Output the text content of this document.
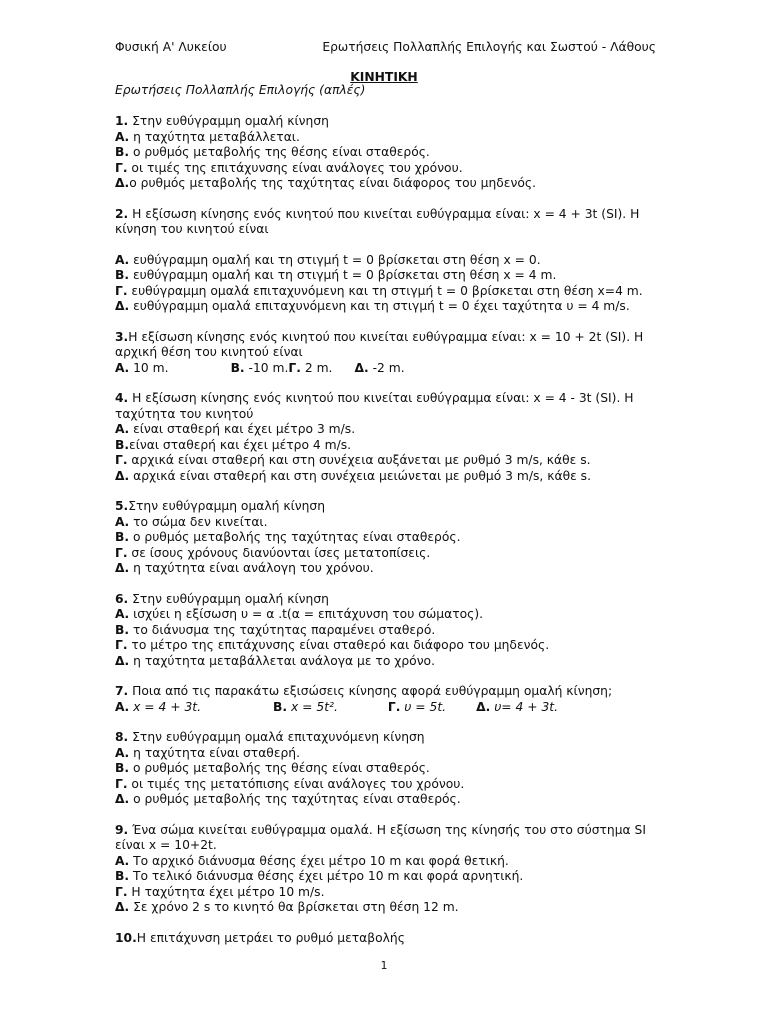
Φυσική Α' Λυκείου	Ερωτήσεις Πολλαπλής Επιλογής και Σωστού - Λάθους
ΚΙΝΗΤΙΚΗ
Ερωτήσεις Πολλαπλής Επιλογής (απλές)

1. Στην ευθύγραμμη ομαλή κίνηση

Α. η ταχύτητα μεταβάλλεται.

Β. ο ρυθμός μεταβολής της θέσης είναι σταθερός.

Γ. οι τιμές της επιτάχυνσης είναι ανάλογες του χρόνου.

Δ.ο ρυθμός μεταβολής της ταχύτητας είναι διάφορος του μηδενός.

2. Η εξίσωση κίνησης ενός κινητού που κινείται ευθύγραμμα είναι: x = 4 + 3t (SI). Η κίνηση του κινητού είναι

Α. ευθύγραμμη ομαλή και τη στιγμή t = 0 βρίσκεται στη θέση x = 0.

Β. ευθύγραμμη ομαλή και τη στιγμή t = 0 βρίσκεται στη θέση x = 4 m.

Γ. ευθύγραμμη ομαλά επιταχυνόμενη και τη στιγμή t = 0 βρίσκεται στη θέση x=4 m.

Δ. ευθύγραμμη ομαλά επιταχυνόμενη και τη στιγμή t = 0 έχει ταχύτητα υ = 4 m/s.

3.Η εξίσωση κίνησης ενός κινητού που κινείται ευθύγραμμα είναι: x = 10 + 2t (SI). Η αρχική θέση του κινητού είναι

Α. 10 m.	Β. -10 m.Γ. 2 m. Δ. -2 m.

4. Η εξίσωση κίνησης ενός κινητού που κινείται ευθύγραμμα είναι: x = 4 - 3t (SI). Η ταχύτητα του κινητού

Α. είναι σταθερή και έχει μέτρο 3 m/s.

Β.είναι σταθερή και έχει μέτρο 4 m/s.

Γ. αρχικά είναι σταθερή και στη συνέχεια αυξάνεται με ρυθμό 3 m/s, κάθε s.

Δ. αρχικά είναι σταθερή και στη συνέχεια μειώνεται με ρυθμό 3 m/s, κάθε s.

5.Στην ευθύγραμμη ομαλή κίνηση

Α. το σώμα δεν κινείται.

Β. ο ρυθμός μεταβολής της ταχύτητας είναι σταθερός.

Γ. σε ίσους χρόνους διανύονται ίσες μετατοπίσεις.

Δ. η ταχύτητα είναι ανάλογη του χρόνου.

6. Στην ευθύγραμμη ομαλή κίνηση

Α. ισχύει η εξίσωση υ = α .t(α = επιτάχυνση του σώματος).

Β. το διάνυσμα της ταχύτητας παραμένει σταθερό.

Γ. το μέτρο της επιτάχυνσης είναι σταθερό και διάφορο του μηδενός.

Δ. η ταχύτητα μεταβάλλεται ανάλογα με το χρόνο.

7. Ποια από τις παρακάτω εξισώσεις κίνησης αφορά ευθύγραμμη ομαλή κίνηση;

Α. x = 4 + 3t.	Β. x = 5t².	Γ. υ = 5t. Δ. υ= 4 + 3t.

8. Στην ευθύγραμμη ομαλά επιταχυνόμενη κίνηση

Α. η ταχύτητα είναι σταθερή.

Β. ο ρυθμός μεταβολής της θέσης είναι σταθερός.

Γ. οι τιμές της μετατόπισης είναι ανάλογες του χρόνου.

Δ. ο ρυθμός μεταβολής της ταχύτητας είναι σταθερός.

9. Ένα σώμα κινείται ευθύγραμμα ομαλά. Η εξίσωση της κίνησής του στο σύστημα SI είναι x = 10+2t.

Α. Το αρχικό διάνυσμα θέσης έχει μέτρο 10 m και φορά θετική.

Β. Το τελικό διάνυσμα θέσης έχει μέτρο 10 m και φορά αρνητική.

Γ. Η ταχύτητα έχει μέτρο 10 m/s.

Δ. Σε χρόνο 2 s το κινητό θα βρίσκεται στη θέση 12 m.

10.Η επιτάχυνση μετράει το ρυθμό μεταβολής

1
